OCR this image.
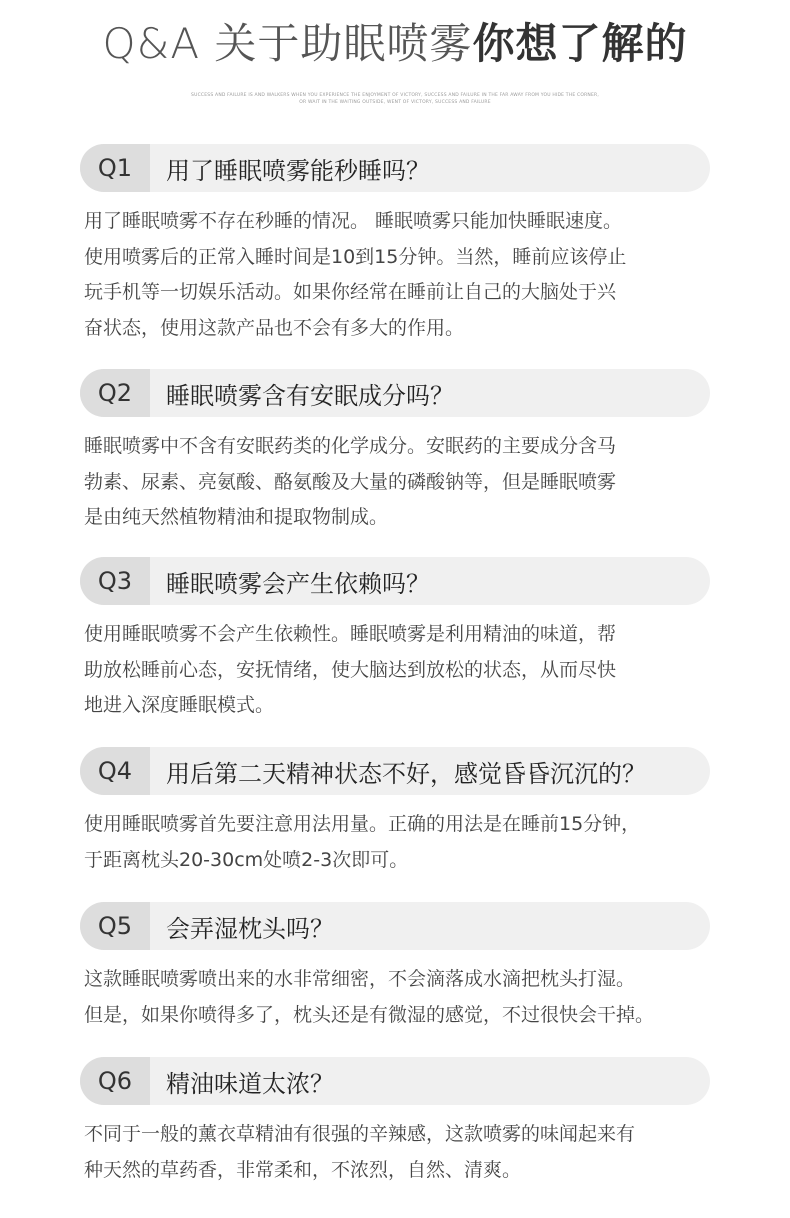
Q&A 关于助眠喷雾你想了解的
SUCCESS AND FAILURE IS AND WALKERS WHEN YOU EXPERIENCE THE ENJOYMENT OF VICTORY, SUCCESS AND FAILURE IN THE FAR AWAY FROM YOU HIDE THE CORNER,
OR WAIT IN THE WAITING OUTSIDE, WENT OF VICTORY, SUCCESS AND FAILURE
Q1	用了睡眠喷雾能秒睡吗？
用了睡眠喷雾不存在秒睡的情况。 睡眠喷雾只能加快睡眠速度。
使用喷雾后的正常入睡时间是10到15分钟。当然，睡前应该停止
玩手机等一切娱乐活动。如果你经常在睡前让自己的大脑处于兴
奋状态，使用这款产品也不会有多大的作用。
Q2	睡眠喷雾含有安眠成分吗？
睡眠喷雾中不含有安眠药类的化学成分。安眠药的主要成分含马
勃素、尿素、亮氨酸、酪氨酸及大量的磷酸钠等，但是睡眠喷雾
是由纯天然植物精油和提取物制成。
Q3	睡眠喷雾会产生依赖吗？
使用睡眠喷雾不会产生依赖性。睡眠喷雾是利用精油的味道，帮
助放松睡前心态，安抚情绪，使大脑达到放松的状态，从而尽快
地进入深度睡眠模式。
Q4	用后第二天精神状态不好，感觉昏昏沉沉的？
使用睡眠喷雾首先要注意用法用量。正确的用法是在睡前15分钟，
于距离枕头20-30cm处喷2-3次即可。
Q5	会弄湿枕头吗？
这款睡眠喷雾喷出来的水非常细密，不会滴落成水滴把枕头打湿。
但是，如果你喷得多了，枕头还是有微湿的感觉，不过很快会干掉。
Q6	精油味道太浓？
不同于一般的薰衣草精油有很强的辛辣感，这款喷雾的味闻起来有
种天然的草药香，非常柔和，不浓烈，自然、清爽。
